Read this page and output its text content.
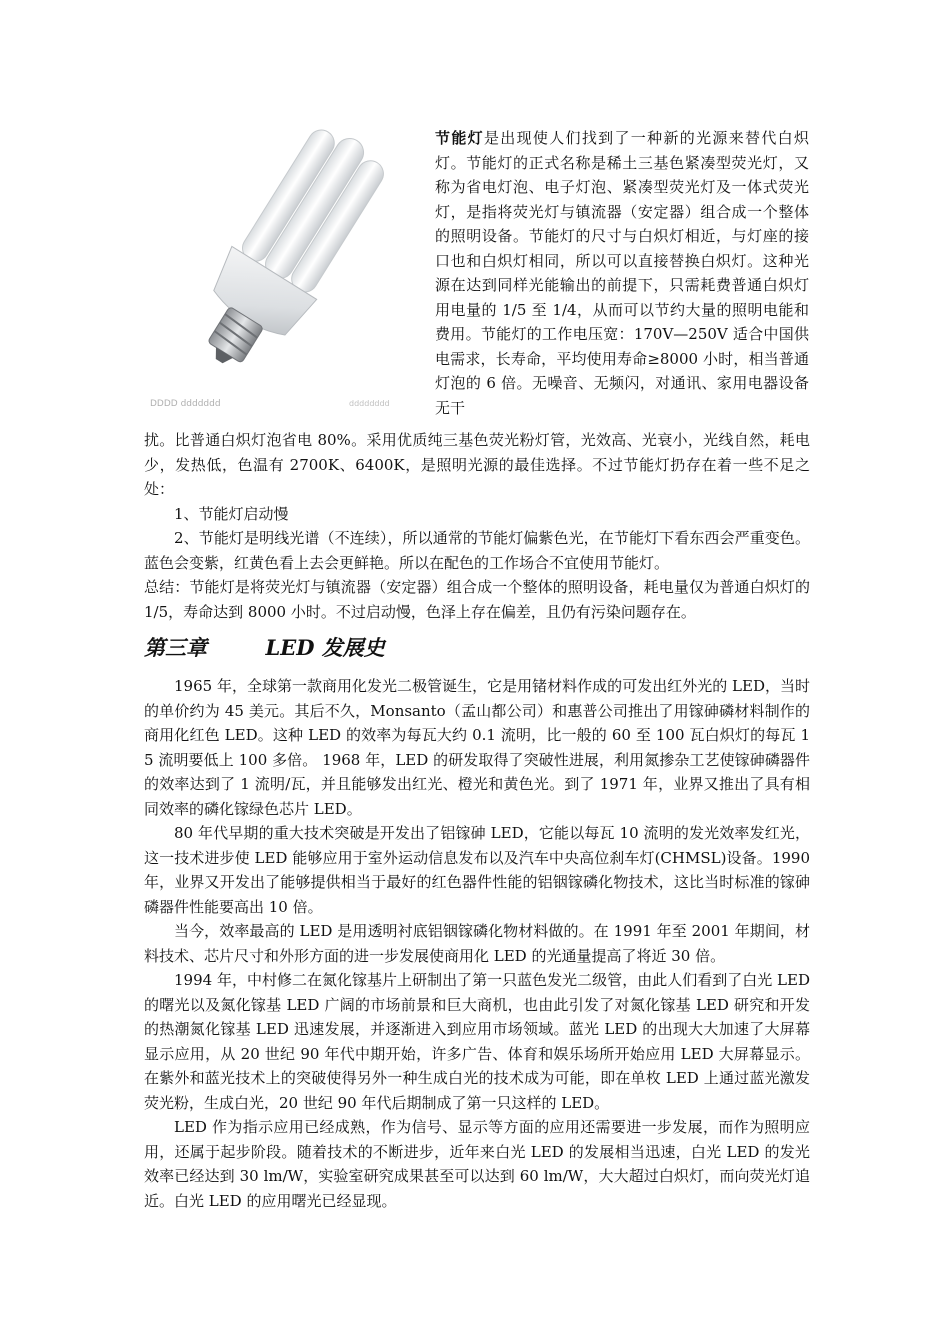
DDDD ddddddd	dddddddd

节能灯是出现使人们找到了一种新的光源来替代白炽灯。节能灯的正式名称是稀土三基色紧凑型荧光灯，又称为省电灯泡、电子灯泡、紧凑型荧光灯及一体式荧光灯，是指将荧光灯与镇流器（安定器）组合成一个整体的照明设备。节能灯的尺寸与白炽灯相近，与灯座的接口也和白炽灯相同，所以可以直接替换白炽灯。这种光源在达到同样光能输出的前提下，只需耗费普通白炽灯用电量的 1/5 至 1/4，从而可以节约大量的照明电能和费用。节能灯的工作电压宽：170V—250V 适合中国供电需求，长寿命，平均使用寿命≥8000 小时，相当普通灯泡的 6 倍。无噪音、无频闪，对通讯、家用电器设备无干

扰。比普通白炽灯泡省电 80%。采用优质纯三基色荧光粉灯管，光效高、光衰小，光线自然，耗电少，发热低，色温有 2700K、6400K，是照明光源的最佳选择。不过节能灯扔存在着一些不足之处：
1、节能灯启动慢
2、节能灯是明线光谱（不连续），所以通常的节能灯偏紫色光，在节能灯下看东西会严重变色。蓝色会变紫，红黄色看上去会更鲜艳。所以在配色的工作场合不宜使用节能灯。
总结：节能灯是将荧光灯与镇流器（安定器）组合成一个整体的照明设备，耗电量仅为普通白炽灯的 1/5，寿命达到 8000 小时。不过启动慢，色泽上存在偏差，且仍有污染问题存在。
第三章	LED 发展史
1965 年，全球第一款商用化发光二极管诞生，它是用锗材料作成的可发出红外光的 LED，当时的单价约为 45 美元。其后不久，Monsanto（孟山都公司）和惠普公司推出了用镓砷磷材料制作的商用化红色 LED。这种 LED 的效率为每瓦大约 0.1 流明，比一般的 60 至 100 瓦白炽灯的每瓦 15 流明要低上 100 多倍。 1968 年，LED 的研发取得了突破性进展，利用氮掺杂工艺使镓砷磷器件的效率达到了 1 流明/瓦，并且能够发出红光、橙光和黄色光。到了 1971 年，业界又推出了具有相同效率的磷化镓绿色芯片 LED。
80 年代早期的重大技术突破是开发出了铝镓砷 LED，它能以每瓦 10 流明的发光效率发红光，这一技术进步使 LED 能够应用于室外运动信息发布以及汽车中央高位刹车灯(CHMSL)设备。1990 年，业界又开发出了能够提供相当于最好的红色器件性能的铝铟镓磷化物技术，这比当时标准的镓砷磷器件性能要高出 10 倍。
当今，效率最高的 LED 是用透明衬底铝铟镓磷化物材料做的。在 1991 年至 2001 年期间，材料技术、芯片尺寸和外形方面的进一步发展使商用化 LED 的光通量提高了将近 30 倍。
1994 年，中村修二在氮化镓基片上研制出了第一只蓝色发光二级管，由此人们看到了白光 LED 的曙光以及氮化镓基 LED 广阔的市场前景和巨大商机，也由此引发了对氮化镓基 LED 研究和开发的热潮氮化镓基 LED 迅速发展，并逐渐进入到应用市场领域。蓝光 LED 的出现大大加速了大屏幕显示应用，从 20 世纪 90 年代中期开始，许多广告、体育和娱乐场所开始应用 LED 大屏幕显示。在紫外和蓝光技术上的突破使得另外一种生成白光的技术成为可能，即在单枚 LED 上通过蓝光激发荧光粉，生成白光，20 世纪 90 年代后期制成了第一只这样的 LED。
LED 作为指示应用已经成熟，作为信号、显示等方面的应用还需要进一步发展，而作为照明应用，还属于起步阶段。随着技术的不断进步，近年来白光 LED 的发展相当迅速，白光 LED 的发光效率已经达到 30 lm/W，实验室研究成果甚至可以达到 60 lm/W，大大超过白炽灯，而向荧光灯追近。白光 LED 的应用曙光已经显现。
